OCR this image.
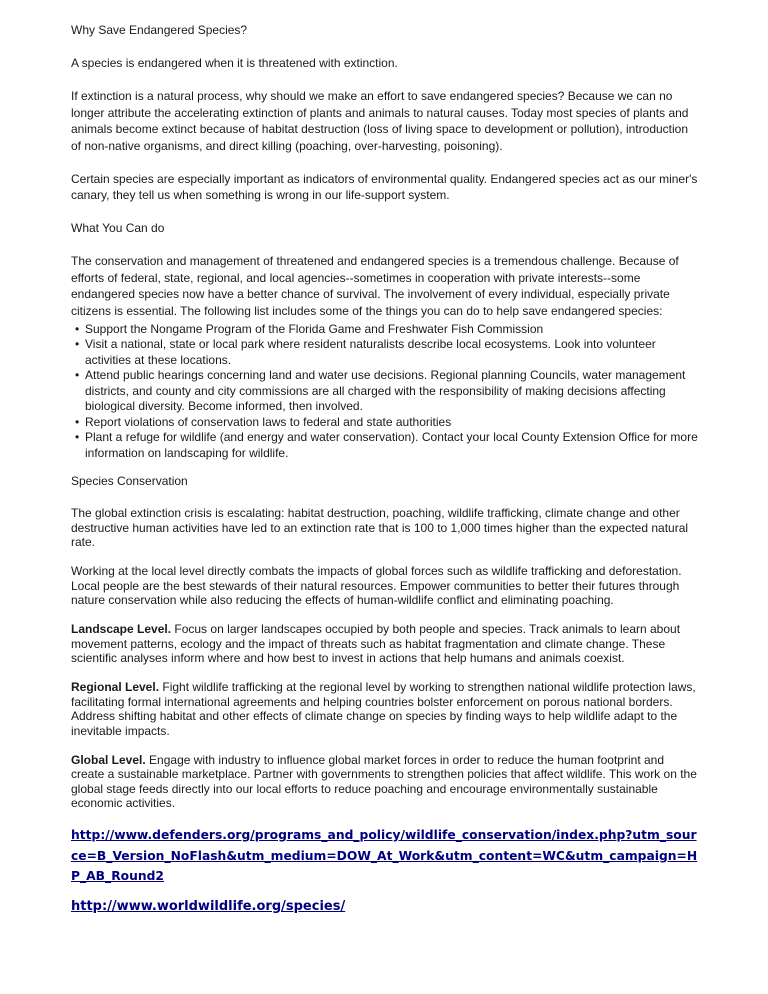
Why Save Endangered Species?

A species is endangered when it is threatened with extinction.

If extinction is a natural process, why should we make an effort to save endangered species? Because we can no longer attribute the accelerating extinction of plants and animals to natural causes. Today most species of plants and animals become extinct because of habitat destruction (loss of living space to development or pollution), introduction of non-native organisms, and direct killing (poaching, over-harvesting, poisoning).

Certain species are especially important as indicators of environmental quality. Endangered species act as our miner's canary, they tell us when something is wrong in our life-support system.

What You Can do

The conservation and management of threatened and endangered species is a tremendous challenge. Because of efforts of federal, state, regional, and local agencies--sometimes in cooperation with private interests--some endangered species now have a better chance of survival. The involvement of every individual, especially private citizens is essential. The following list includes some of the things you can do to help save endangered species:

• Support the Nongame Program of the Florida Game and Freshwater Fish Commission
• Visit a national, state or local park where resident naturalists describe local ecosystems. Look into volunteer activities at these locations.
• Attend public hearings concerning land and water use decisions. Regional planning Councils, water management districts, and county and city commissions are all charged with the responsibility of making decisions affecting biological diversity. Become informed, then involved.
• Report violations of conservation laws to federal and state authorities
• Plant a refuge for wildlife (and energy and water conservation). Contact your local County Extension Office for more information on landscaping for wildlife.

Species Conservation

The global extinction crisis is escalating: habitat destruction, poaching, wildlife trafficking, climate change and other destructive human activities have led to an extinction rate that is 100 to 1,000 times higher than the expected natural rate.

Working at the local level directly combats the impacts of global forces such as wildlife trafficking and deforestation. Local people are the best stewards of their natural resources. Empower communities to better their futures through nature conservation while also reducing the effects of human-wildlife conflict and eliminating poaching.

Landscape Level. Focus on larger landscapes occupied by both people and species. Track animals to learn about movement patterns, ecology and the impact of threats such as habitat fragmentation and climate change. These scientific analyses inform where and how best to invest in actions that help humans and animals coexist.

Regional Level. Fight wildlife trafficking at the regional level by working to strengthen national wildlife protection laws, facilitating formal international agreements and helping countries bolster enforcement on porous national borders. Address shifting habitat and other effects of climate change on species by finding ways to help wildlife adapt to the inevitable impacts.

Global Level. Engage with industry to influence global market forces in order to reduce the human footprint and create a sustainable marketplace. Partner with governments to strengthen policies that affect wildlife. This work on the global stage feeds directly into our local efforts to reduce poaching and encourage environmentally sustainable economic activities.

http://www.defenders.org/programs_and_policy/wildlife_conservation/index.php?utm_source=B_Version_NoFlash&utm_medium=DOW_At_Work&utm_content=WC&utm_campaign=HP_AB_Round2
http://www.worldwildlife.org/species/
